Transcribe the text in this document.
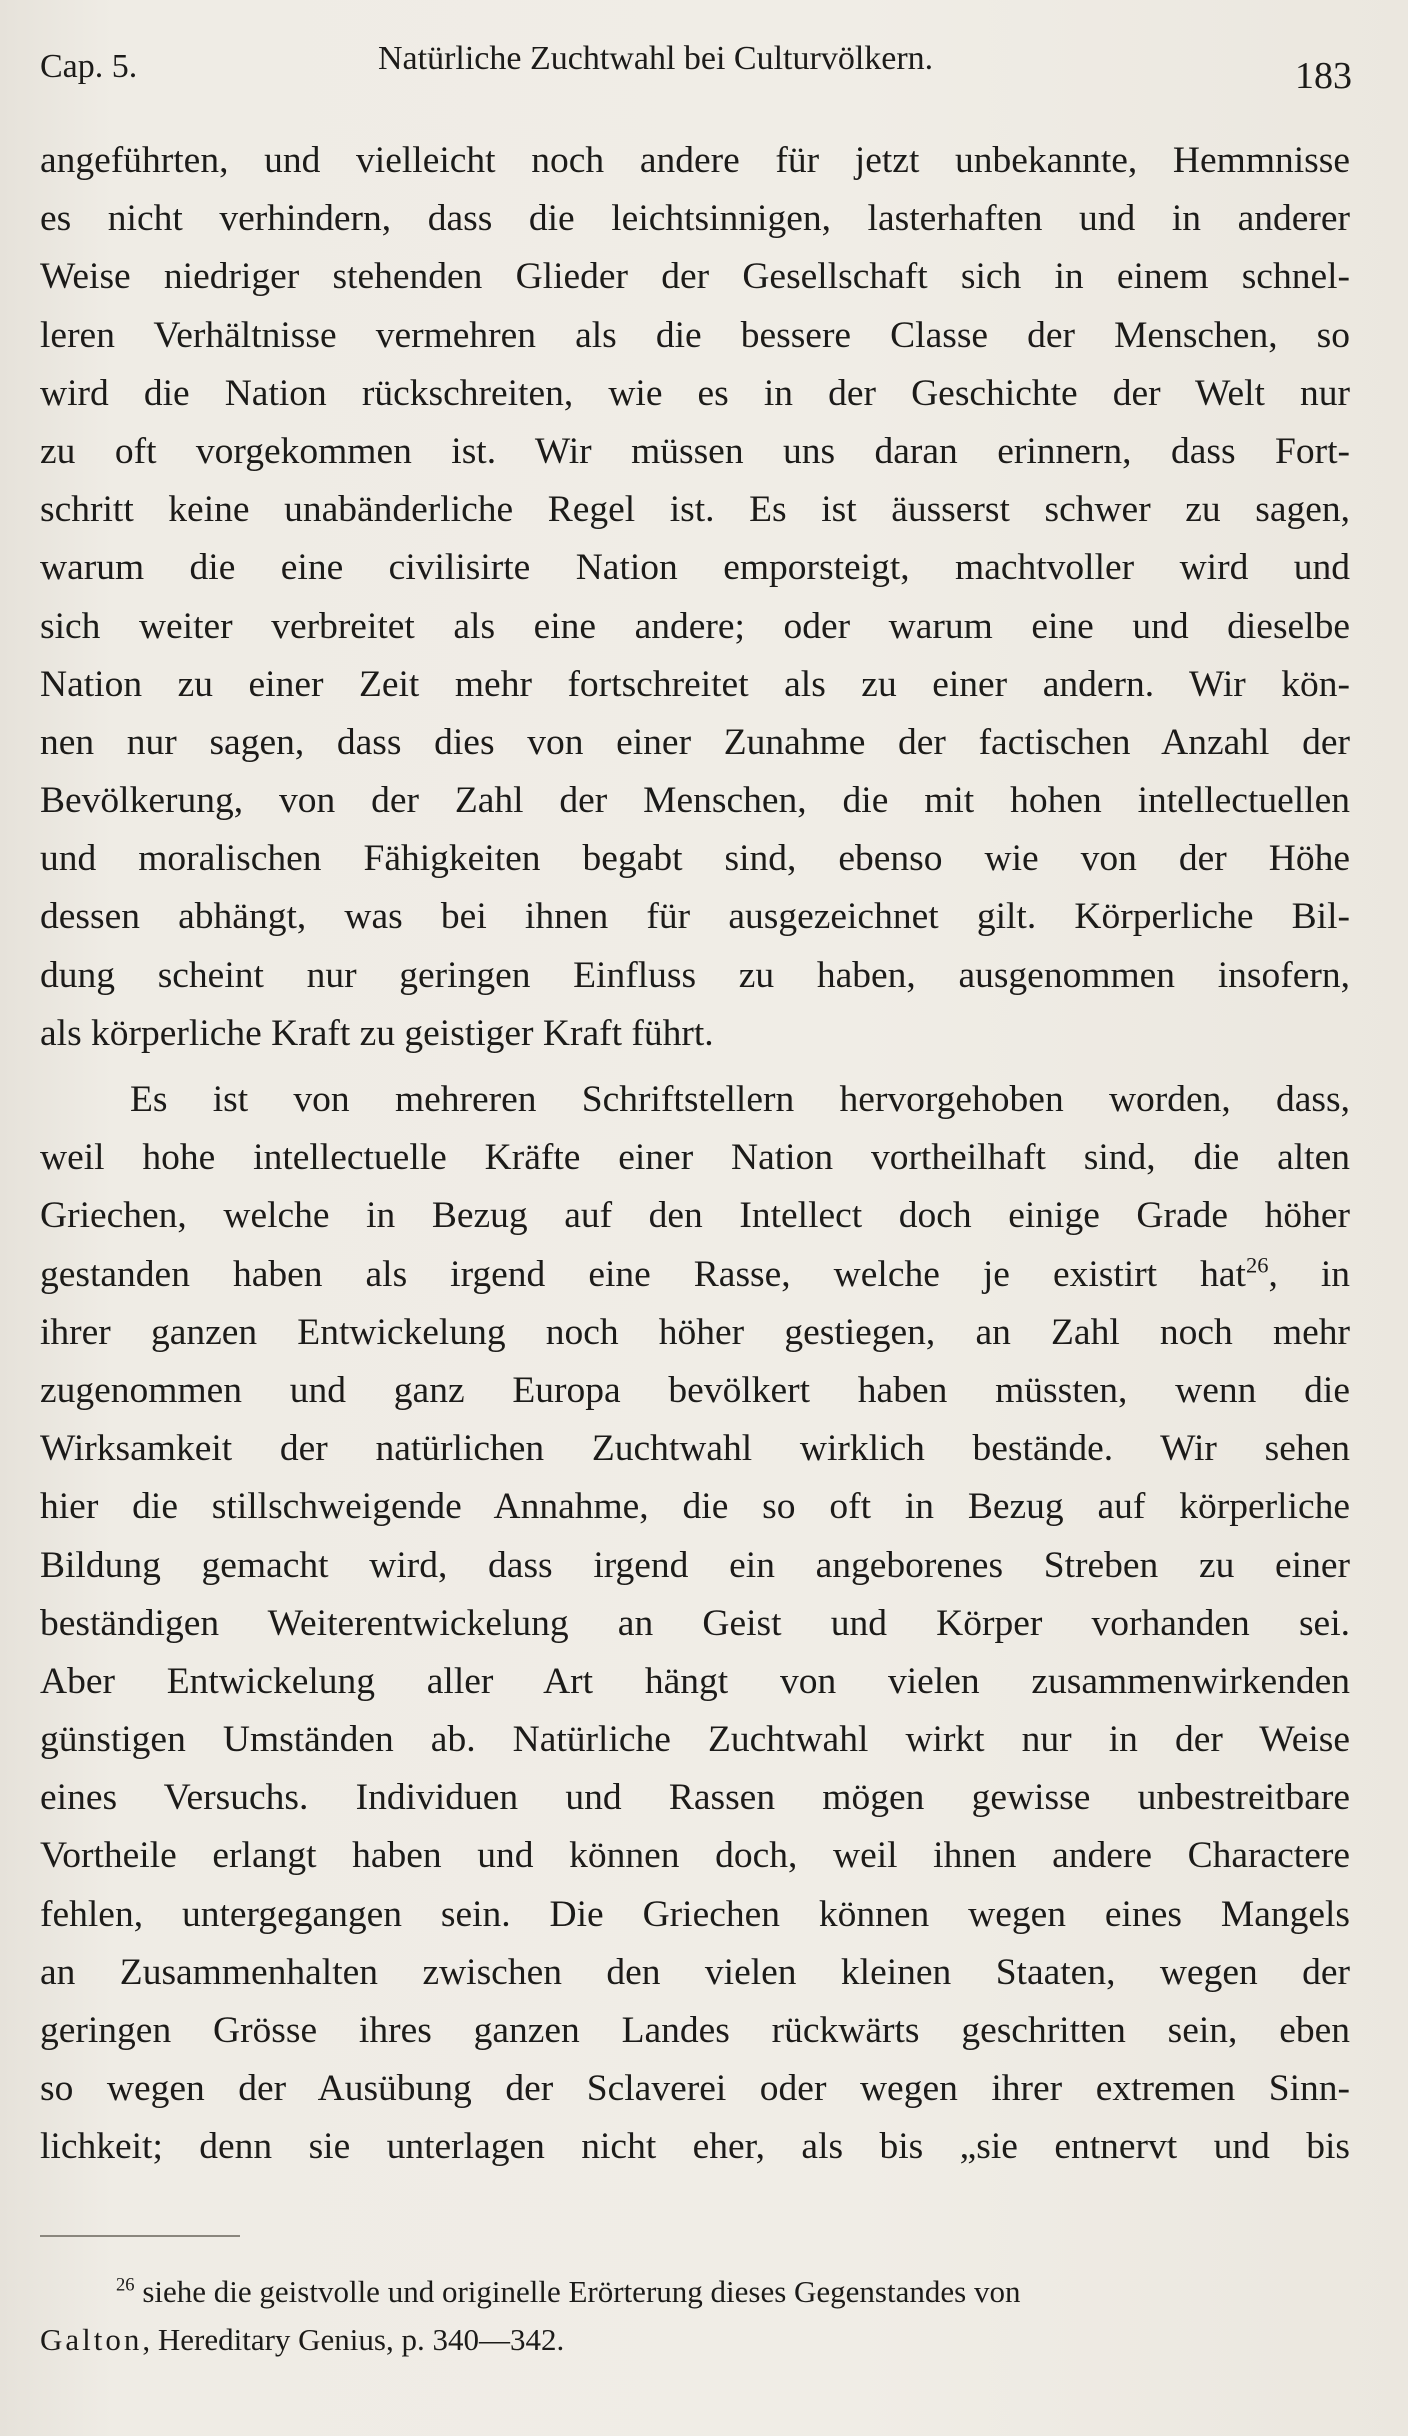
Cap. 5.	Natürliche Zuchtwahl bei Culturvölkern.	183
angeführten, und vielleicht noch andere für jetzt unbekannte, Hemmnisse
es nicht verhindern, dass die leichtsinnigen, lasterhaften und in anderer
Weise niedriger stehenden Glieder der Gesellschaft sich in einem schnel-
leren Verhältnisse vermehren als die bessere Classe der Menschen, so
wird die Nation rückschreiten, wie es in der Geschichte der Welt nur
zu oft vorgekommen ist. Wir müssen uns daran erinnern, dass Fort-
schritt keine unabänderliche Regel ist. Es ist äusserst schwer zu sagen,
warum die eine civilisirte Nation emporsteigt, machtvoller wird und
sich weiter verbreitet als eine andere; oder warum eine und dieselbe
Nation zu einer Zeit mehr fortschreitet als zu einer andern. Wir kön-
nen nur sagen, dass dies von einer Zunahme der factischen Anzahl der
Bevölkerung, von der Zahl der Menschen, die mit hohen intellectuellen
und moralischen Fähigkeiten begabt sind, ebenso wie von der Höhe
dessen abhängt, was bei ihnen für ausgezeichnet gilt. Körperliche Bil-
dung scheint nur geringen Einfluss zu haben, ausgenommen insofern,
als körperliche Kraft zu geistiger Kraft führt.
Es ist von mehreren Schriftstellern hervorgehoben worden, dass,
weil hohe intellectuelle Kräfte einer Nation vortheilhaft sind, die alten
Griechen, welche in Bezug auf den Intellect doch einige Grade höher
gestanden haben als irgend eine Rasse, welche je existirt hat$^{26}$, in
ihrer ganzen Entwickelung noch höher gestiegen, an Zahl noch mehr
zugenommen und ganz Europa bevölkert haben müssten, wenn die
Wirksamkeit der natürlichen Zuchtwahl wirklich bestände. Wir sehen
hier die stillschweigende Annahme, die so oft in Bezug auf körperliche
Bildung gemacht wird, dass irgend ein angeborenes Streben zu einer
beständigen Weiterentwickelung an Geist und Körper vorhanden sei.
Aber Entwickelung aller Art hängt von vielen zusammenwirkenden
günstigen Umständen ab. Natürliche Zuchtwahl wirkt nur in der Weise
eines Versuchs. Individuen und Rassen mögen gewisse unbestreitbare
Vortheile erlangt haben und können doch, weil ihnen andere Charactere
fehlen, untergegangen sein. Die Griechen können wegen eines Mangels
an Zusammenhalten zwischen den vielen kleinen Staaten, wegen der
geringen Grösse ihres ganzen Landes rückwärts geschritten sein, eben
so wegen der Ausübung der Sclaverei oder wegen ihrer extremen Sinn-
lichkeit; denn sie unterlagen nicht eher, als bis „sie entnervt und bis
$^{26}$ siehe die geistvolle und originelle Erörterung dieses Gegenstandes von
Galton, Hereditary Genius, p. 340—342.
